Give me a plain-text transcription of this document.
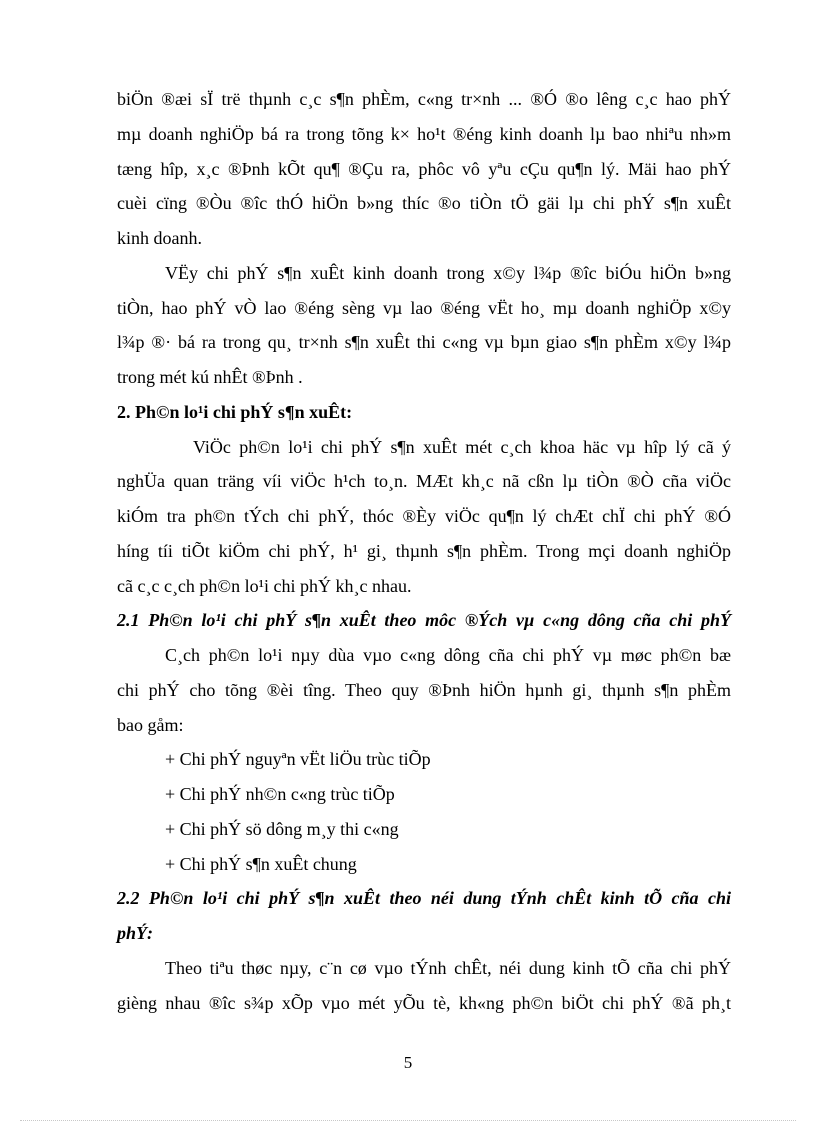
biÖn ®æi sÏ trë thµnh c¸c s¶n phÈm, c«ng tr×nh ... ®Ó ®o lêng c¸c hao phÝ
mµ doanh nghiÖp bá ra trong tõng k× ho¹t ®éng kinh doanh lµ bao nhiªu nh»m
tæng hîp, x¸c ®Þnh kÕt qu¶ ®Çu ra, phôc vô yªu cÇu qu¶n lý. Mäi hao phÝ
cuèi cïng ®Òu ®îc thÓ hiÖn b»ng thíc ®o tiÒn tÖ gäi lµ chi phÝ s¶n xuÊt
kinh doanh.
VËy chi phÝ s¶n xuÊt kinh doanh trong x©y l¾p ®îc biÓu hiÖn b»ng
tiÒn, hao phÝ vÒ lao ®éng sèng vµ lao ®éng vËt ho¸ mµ doanh nghiÖp x©y
l¾p ®· bá ra trong qu¸ tr×nh s¶n xuÊt thi c«ng vµ bµn giao s¶n phÈm x©y l¾p
trong mét kú nhÊt ®Þnh .
2. Ph©n lo¹i chi phÝ s¶n xuÊt:
ViÖc ph©n lo¹i chi phÝ s¶n xuÊt mét c¸ch khoa häc vµ hîp lý cã ý
nghÜa quan träng víi viÖc h¹ch to¸n. MÆt kh¸c nã cßn lµ tiÒn ®Ò cña viÖc
kiÓm tra ph©n tÝch chi phÝ, thóc ®Èy viÖc qu¶n lý chÆt chÏ chi phÝ ®Ó
híng tíi tiÕt kiÖm chi phÝ, h¹ gi¸ thµnh s¶n phÈm. Trong mçi doanh nghiÖp
cã c¸c c¸ch ph©n lo¹i chi phÝ kh¸c nhau.
2.1 Ph©n lo¹i chi phÝ s¶n xuÊt theo môc ®Ých vµ c«ng dông cña chi phÝ
C¸ch ph©n lo¹i nµy dùa vµo c«ng dông cña chi phÝ vµ møc ph©n bæ
chi phÝ cho tõng ®èi tîng. Theo quy ®Þnh hiÖn hµnh gi¸ thµnh s¶n phÈm
bao gåm:
+ Chi phÝ nguyªn vËt liÖu trùc tiÕp
+ Chi phÝ nh©n c«ng trùc tiÕp
+ Chi phÝ sö dông m¸y thi c«ng
+ Chi phÝ s¶n xuÊt chung
2.2 Ph©n lo¹i chi phÝ s¶n xuÊt theo néi dung tÝnh chÊt kinh tÕ cña chi
phÝ:
Theo tiªu thøc nµy, c¨n cø vµo tÝnh chÊt, néi dung kinh tÕ cña chi phÝ
gièng nhau ®îc s¾p xÕp vµo mét yÕu tè, kh«ng ph©n biÖt chi phÝ ®ã ph¸t
5
